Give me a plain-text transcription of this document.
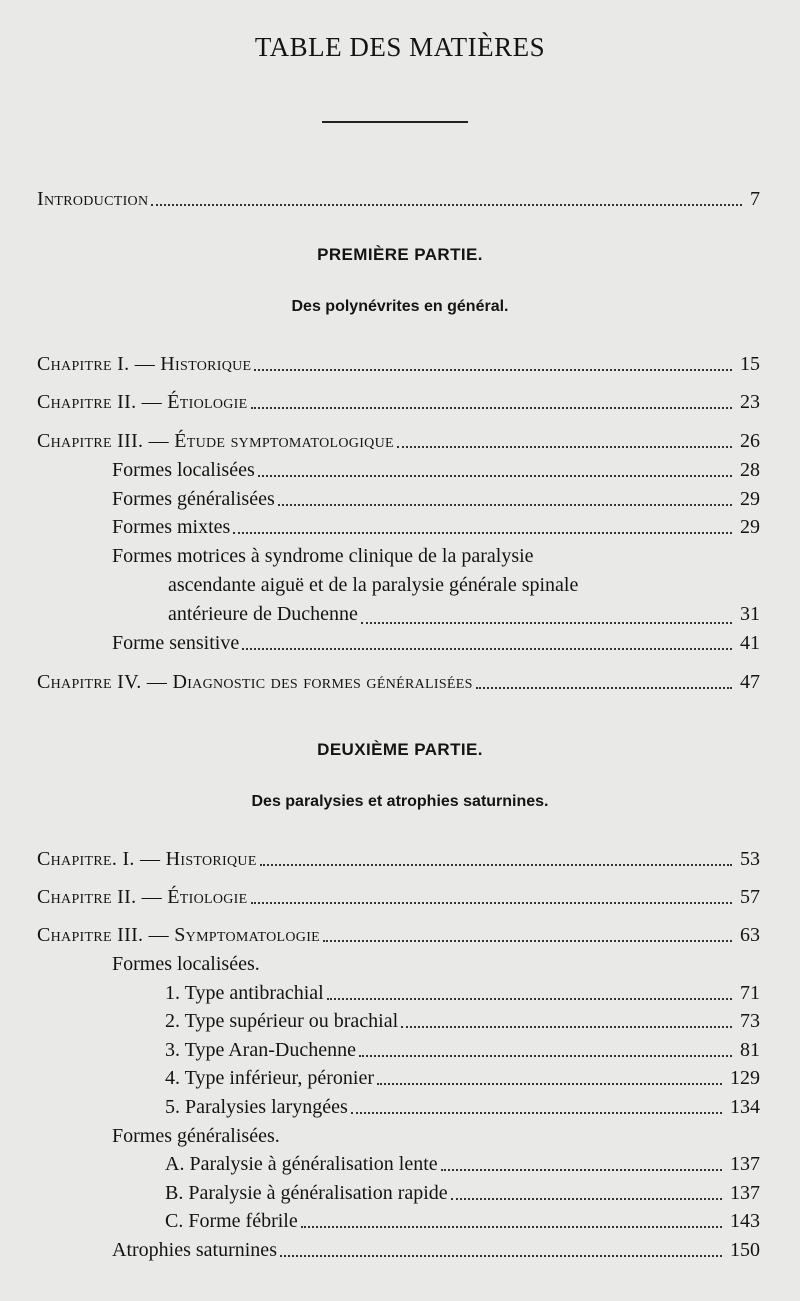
TABLE DES MATIÈRES
Introduction	7
PREMIÈRE PARTIE.
Des polynévrites en général.
Chapitre I. — Historique	15
Chapitre II. — Étiologie	23
Chapitre III. — Étude symptomatologique	26
Formes localisées	28
Formes généralisées	29
Formes mixtes	29
Formes motrices à syndrome clinique de la paralysie
ascendante aiguë et de la paralysie générale spinale
antérieure de Duchenne	31
Forme sensitive	41
Chapitre IV. — Diagnostic des formes généralisées	47
DEUXIÈME PARTIE.
Des paralysies et atrophies saturnines.
Chapitre. I. — Historique	53
Chapitre II. — Étiologie	57
Chapitre III. — Symptomatologie	63
Formes localisées.
1. Type antibrachial	71
2. Type supérieur ou brachial	73
3. Type Aran-Duchenne	81
4. Type inférieur, péronier	129
5. Paralysies laryngées	134
Formes généralisées.
A. Paralysie à généralisation lente	137
B. Paralysie à généralisation rapide	137
C. Forme fébrile	143
Atrophies saturnines	150
